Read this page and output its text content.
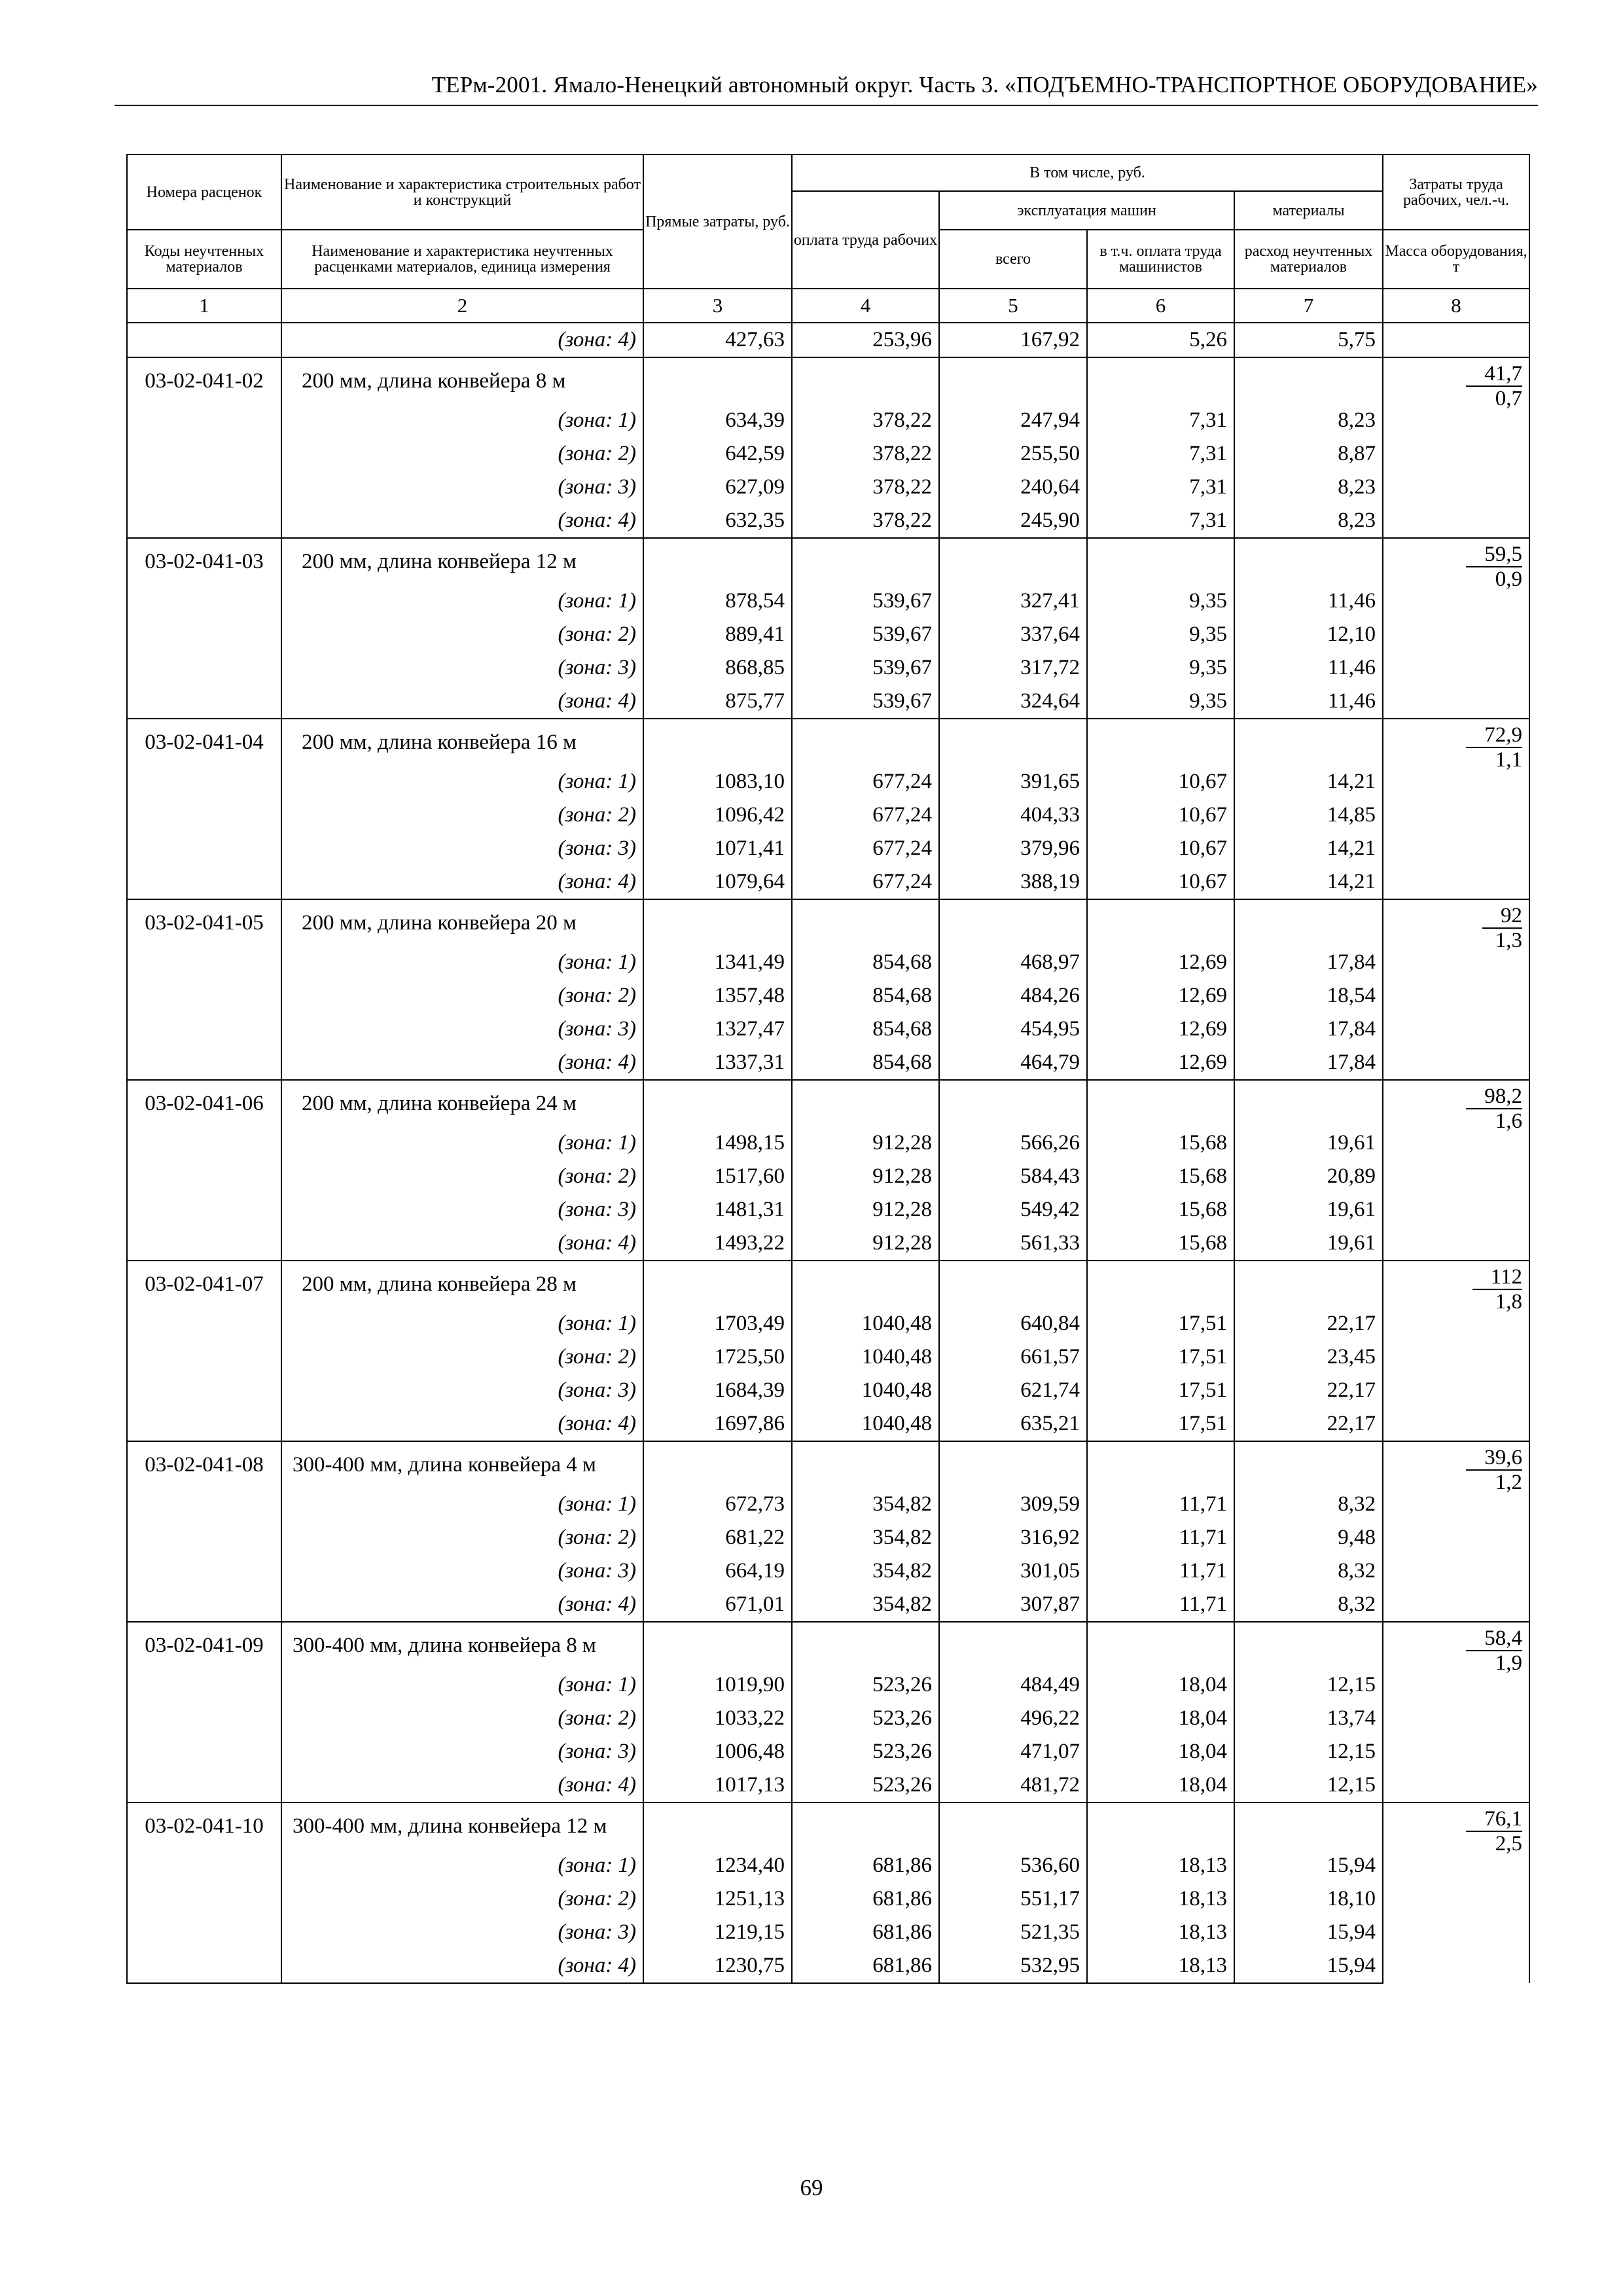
ТЕРм-2001. Ямало-Ненецкий автономный округ. Часть 3. «ПОДЪЕМНО-ТРАНСПОРТНОЕ ОБОРУДОВАНИЕ»
Номера расценок	Наименование и характеристика строительных работ и конструкций	Прямые затраты, руб.	В том числе, руб.				Затраты труда рабочих, чел.-ч.
			оплата труда рабочих	эксплуатация машин		материалы	
Коды неучтенных материалов	Наименование и характеристика неучтенных расценками материалов, единица измерения			всего	в т.ч. оплата труда машинистов	расход неучтенных материалов	Масса оборудования, т
1	2	3	4	5	6	7	8
	(зона: 4)	427,63	253,96	167,92	5,26	5,75	
03-02-041-02	200 мм, длина конвейера 8 м						$\frac{41,7}{0,7}$

	(зона: 1)	634,39	378,22	247,94	7,31	8,23	
	(зона: 2)	642,59	378,22	255,50	7,31	8,87	
	(зона: 3)	627,09	378,22	240,64	7,31	8,23	
	(зона: 4)	632,35	378,22	245,90	7,31	8,23	
03-02-041-03	200 мм, длина конвейера 12 м						$\frac{59,5}{0,9}$

	(зона: 1)	878,54	539,67	327,41	9,35	11,46	
	(зона: 2)	889,41	539,67	337,64	9,35	12,10	
	(зона: 3)	868,85	539,67	317,72	9,35	11,46	
	(зона: 4)	875,77	539,67	324,64	9,35	11,46	
03-02-041-04	200 мм, длина конвейера 16 м						$\frac{72,9}{1,1}$

	(зона: 1)	1083,10	677,24	391,65	10,67	14,21	
	(зона: 2)	1096,42	677,24	404,33	10,67	14,85	
	(зона: 3)	1071,41	677,24	379,96	10,67	14,21	
	(зона: 4)	1079,64	677,24	388,19	10,67	14,21	
03-02-041-05	200 мм, длина конвейера 20 м						$\frac{92}{1,3}$

	(зона: 1)	1341,49	854,68	468,97	12,69	17,84	
	(зона: 2)	1357,48	854,68	484,26	12,69	18,54	
	(зона: 3)	1327,47	854,68	454,95	12,69	17,84	
	(зона: 4)	1337,31	854,68	464,79	12,69	17,84	
03-02-041-06	200 мм, длина конвейера 24 м						$\frac{98,2}{1,6}$

	(зона: 1)	1498,15	912,28	566,26	15,68	19,61	
	(зона: 2)	1517,60	912,28	584,43	15,68	20,89	
	(зона: 3)	1481,31	912,28	549,42	15,68	19,61	
	(зона: 4)	1493,22	912,28	561,33	15,68	19,61	
03-02-041-07	200 мм, длина конвейера 28 м						$\frac{112}{1,8}$

	(зона: 1)	1703,49	1040,48	640,84	17,51	22,17	
	(зона: 2)	1725,50	1040,48	661,57	17,51	23,45	
	(зона: 3)	1684,39	1040,48	621,74	17,51	22,17	
	(зона: 4)	1697,86	1040,48	635,21	17,51	22,17	
03-02-041-08	300-400 мм, длина конвейера 4 м						$\frac{39,6}{1,2}$

	(зона: 1)	672,73	354,82	309,59	11,71	8,32	
	(зона: 2)	681,22	354,82	316,92	11,71	9,48	
	(зона: 3)	664,19	354,82	301,05	11,71	8,32	
	(зона: 4)	671,01	354,82	307,87	11,71	8,32	
03-02-041-09	300-400 мм, длина конвейера 8 м						$\frac{58,4}{1,9}$

	(зона: 1)	1019,90	523,26	484,49	18,04	12,15	
	(зона: 2)	1033,22	523,26	496,22	18,04	13,74	
	(зона: 3)	1006,48	523,26	471,07	18,04	12,15	
	(зона: 4)	1017,13	523,26	481,72	18,04	12,15	
03-02-041-10	300-400 мм, длина конвейера 12 м						$\frac{76,1}{2,5}$

	(зона: 1)	1234,40	681,86	536,60	18,13	15,94	
	(зона: 2)	1251,13	681,86	551,17	18,13	18,10	
	(зона: 3)	1219,15	681,86	521,35	18,13	15,94	
	(зона: 4)	1230,75	681,86	532,95	18,13	15,94	
69
